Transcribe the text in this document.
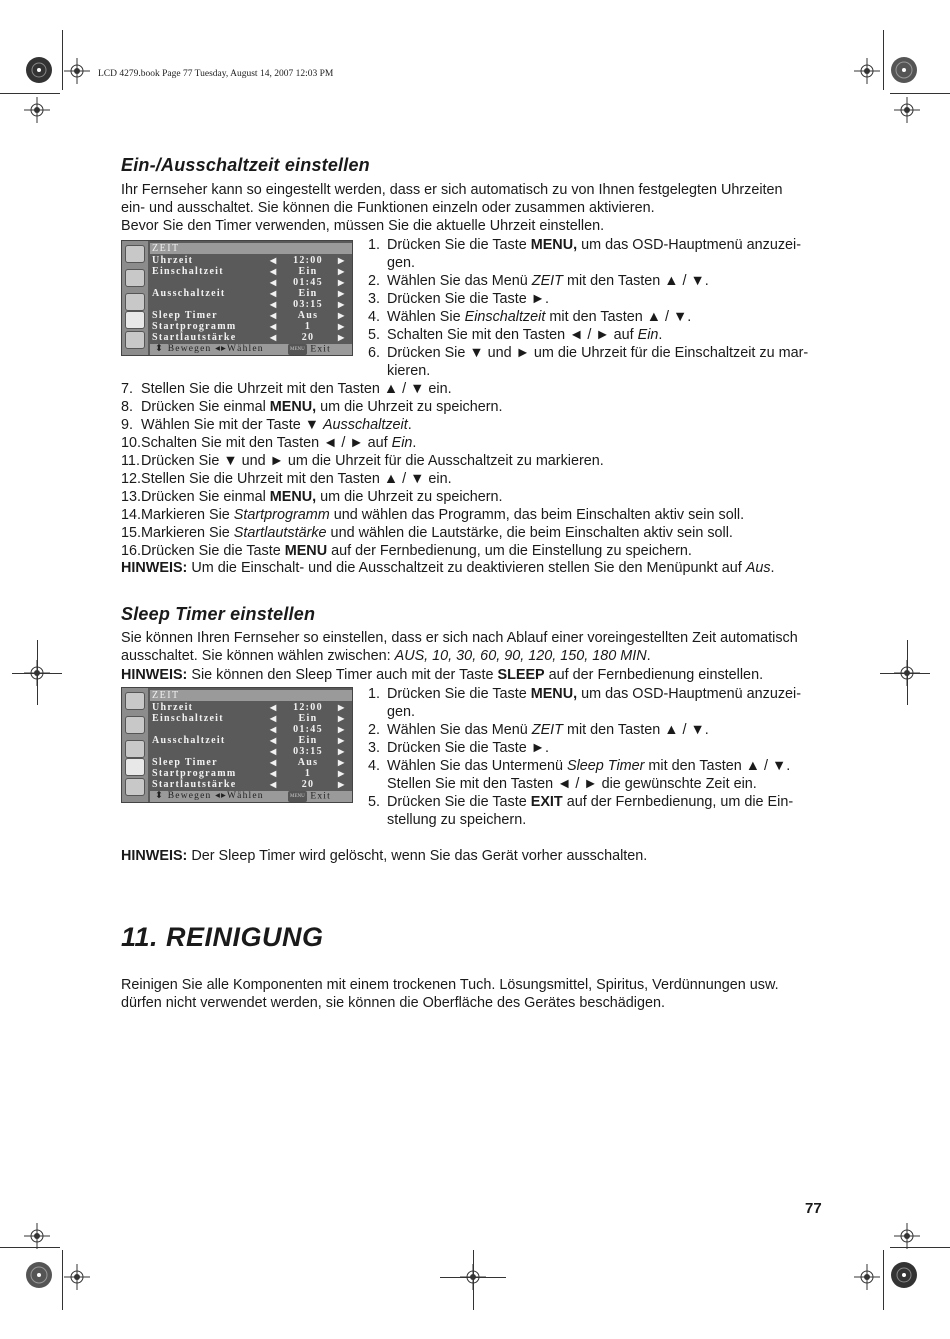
LCD 4279.book Page 77 Tuesday, August 14, 2007 12:03 PM
Ein-/Ausschaltzeit einstellen
Ihr Fernseher kann so eingestellt werden, dass er sich automatisch zu von Ihnen festgelegten Uhrzeiten
ein- und ausschaltet. Sie können die Funktionen einzeln oder zusammen aktivieren.
Bevor Sie den Timer verwenden, müssen Sie die aktuelle Uhrzeit einstellen.
ZEIT
Uhrzeit	◀	12:00	▶
Einschaltzeit	◀	Ein	▶
◀	01:45	▶
Ausschaltzeit	◀	Ein	▶
◀	03:15	▶
Sleep Timer	◀	Aus	▶
Startprogramm	◀	1	▶
Startlautstärke	◀	20	▶
⬍ Bewegen ◂▸Wählen	MENU Exit
1. Drücken Sie die Taste MENU, um das OSD-Hauptmenü anzuzei-
gen.
2. Wählen Sie das Menü ZEIT mit den Tasten ▲ / ▼.
3. Drücken Sie die Taste ►.
4. Wählen Sie Einschaltzeit mit den Tasten ▲ / ▼.
5. Schalten Sie mit den Tasten ◄ / ► auf Ein.
6. Drücken Sie ▼ und ► um die Uhrzeit für die Einschaltzeit zu mar-
kieren.
7. Stellen Sie die Uhrzeit mit den Tasten ▲ / ▼ ein.
8. Drücken Sie einmal MENU, um die Uhrzeit zu speichern.
9. Wählen Sie mit der Taste ▼ Ausschaltzeit.
10.Schalten Sie mit den Tasten ◄ / ► auf Ein.
11.Drücken Sie ▼ und ► um die Uhrzeit für die Ausschaltzeit zu markieren.
12.Stellen Sie die Uhrzeit mit den Tasten ▲ / ▼ ein.
13.Drücken Sie einmal MENU, um die Uhrzeit zu speichern.
14.Markieren Sie Startprogramm und wählen das Programm, das beim Einschalten aktiv sein soll.
15.Markieren Sie Startlautstärke und wählen die Lautstärke, die beim Einschalten aktiv sein soll.
16.Drücken Sie die Taste MENU auf der Fernbedienung, um die Einstellung zu speichern.
HINWEIS: Um die Einschalt- und die Ausschaltzeit zu deaktivieren stellen Sie den Menüpunkt auf Aus.
Sleep Timer einstellen
Sie können Ihren Fernseher so einstellen, dass er sich nach Ablauf einer voreingestellten Zeit automatisch
ausschaltet. Sie können wählen zwischen: AUS, 10, 30, 60, 90, 120, 150, 180 MIN.
HINWEIS: Sie können den Sleep Timer auch mit der Taste SLEEP auf der Fernbedienung einstellen.
ZEIT
Uhrzeit	◀	12:00	▶
Einschaltzeit	◀	Ein	▶
◀	01:45	▶
Ausschaltzeit	◀	Ein	▶
◀	03:15	▶
Sleep Timer	◀	Aus	▶
Startprogramm	◀	1	▶
Startlautstärke	◀	20	▶
⬍ Bewegen ◂▸Wählen	MENU Exit
1. Drücken Sie die Taste MENU, um das OSD-Hauptmenü anzuzei-
gen.
2. Wählen Sie das Menü ZEIT mit den Tasten ▲ / ▼.
3. Drücken Sie die Taste ►.
4. Wählen Sie das Untermenü Sleep Timer mit den Tasten ▲ / ▼.
Stellen Sie mit den Tasten ◄ / ► die gewünschte Zeit ein.
5. Drücken Sie die Taste EXIT auf der Fernbedienung, um die Ein-
stellung zu speichern.
HINWEIS: Der Sleep Timer wird gelöscht, wenn Sie das Gerät vorher ausschalten.
11. REINIGUNG
Reinigen Sie alle Komponenten mit einem trockenen Tuch. Lösungsmittel, Spiritus, Verdünnungen usw.
dürfen nicht verwendet werden, sie können die Oberfläche des Gerätes beschädigen.
77
